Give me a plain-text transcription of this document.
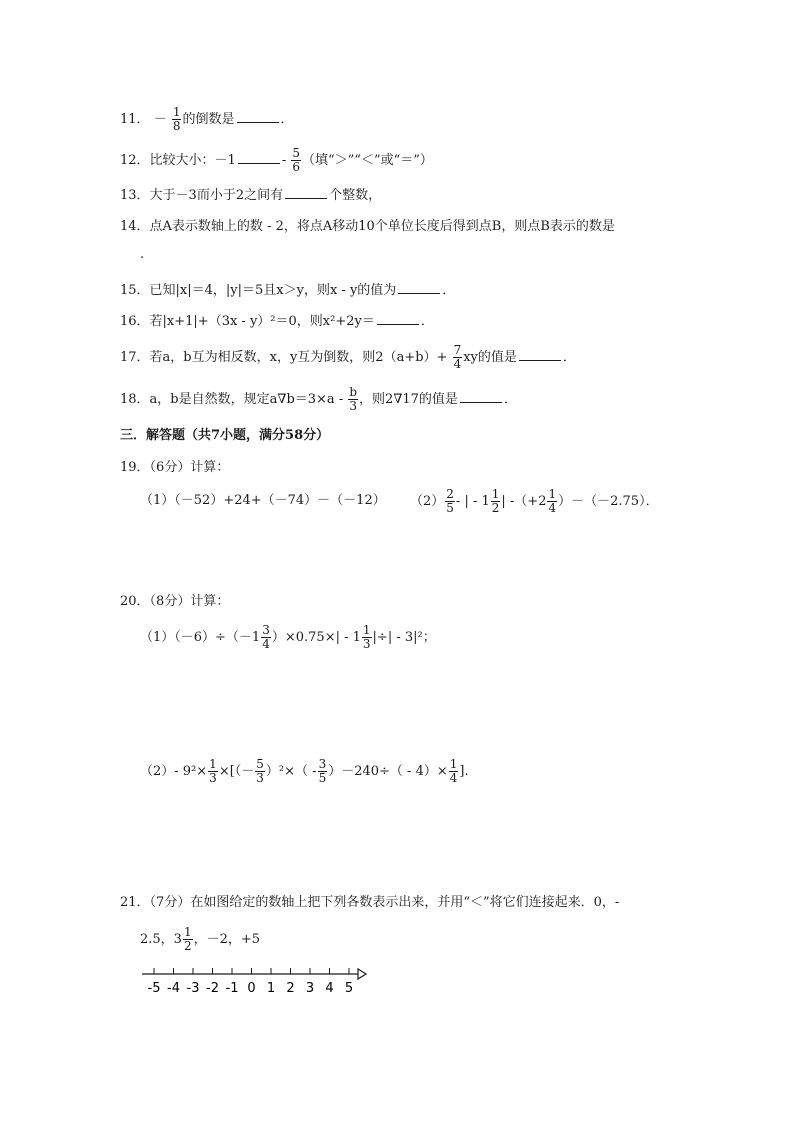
11． － $\frac{1}{8}$ 的倒数是	．
12．比较大小：－1	- $\frac{5}{6}$ （填“＞”“＜”或“＝”）
13．大于－3而小于2之间有	个整数，
14．点A表示数轴上的数 - 2，将点A移动10个单位长度后得到点B，则点B表示的数是
.
15．已知|x|＝4，|y|＝5且x＞y，则x - y的值为	．
16．若|x+1|+（3x - y）²＝0，则x²+2y＝	．
17．若a，b互为相反数，x，y互为倒数，则$2(a+b)+ \frac{7}{4}$ xy的值是	．
18．a，b是自然数，规定$a\nabla b=3\times a - \frac{b}{3}$ ，则2∇17的值是	．
三．解答题（共7小题，满分58分）
19．（6分）计算：
（1）（－52）+24+（－74）－（－12） $(2) \frac{2}{5}$ - | - $1 \frac{1}{2}$ | $-(+2 \frac{1}{4} )-(-2.75)$．
20．（8分）计算：
$(1)(-6)\div(-1 \frac{3}{4} )\times 0.75\times| - 1 \frac{1}{3}$ |÷| - 3|²；
（2）- $9^2\times \frac{1}{3}$ ×[（－ $\frac{5}{3} )^2\times( - \frac{3}{5} )-240\div( - 4)\times \frac{1}{4}$ ].
21．（7分）在如图给定的数轴上把下列各数表示出来，并用“＜”将它们连接起来．0，-
2.5，$3 \frac{1}{2}$ ，－2，+5
-5 -4 -3 -2 -1 0 1 2 3 4 5
